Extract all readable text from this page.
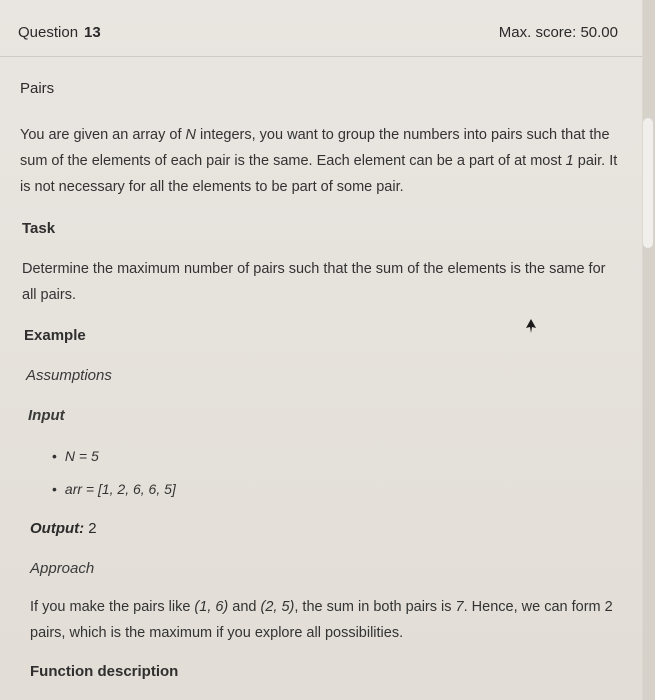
Question 13	Max. score: 50.00
Pairs
You are given an array of N integers, you want to group the numbers into pairs such that the sum of the elements of each pair is the same. Each element can be a part of at most 1 pair. It is not necessary for all the elements to be part of some pair.
Task
Determine the maximum number of pairs such that the sum of the elements is the same for all pairs.
Example
Assumptions
Input
• N = 5
• arr = [1, 2, 6, 6, 5]
Output: 2
Approach
If you make the pairs like (1, 6) and (2, 5), the sum in both pairs is 7. Hence, we can form 2 pairs, which is the maximum if you explore all possibilities.
Function description
